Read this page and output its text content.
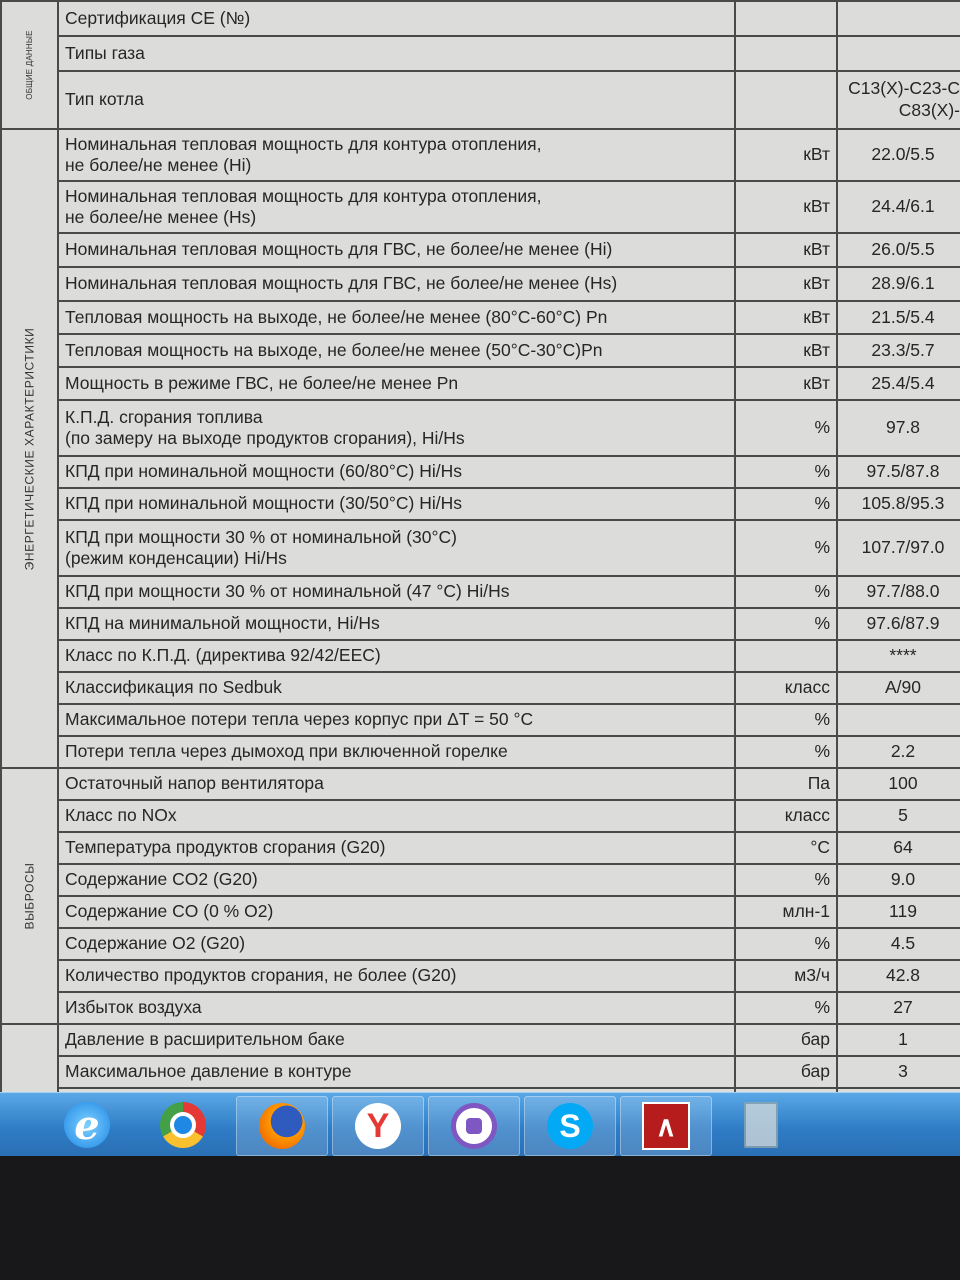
ОБЩИЕ ДАННЫЕ	Сертификация CE (№)		
	Типы газа		
	Тип котла		C13(X)-C23-C
C83(X)-

ЭНЕРГЕТИЧЕСКИЕ ХАРАКТЕРИСТИКИ	Номинальная тепловая мощность для контура отопления,
не более/не менее (Hi)	кВт	22.0/5.5

	Номинальная тепловая мощность для контура отопления,
не более/не менее (Hs)	кВт	24.4/6.1
	Номинальная тепловая мощность для ГВС, не более/не менее (Hi)	кВт	26.0/5.5
	Номинальная тепловая мощность для ГВС, не более/не менее (Hs)	кВт	28.9/6.1
	Тепловая мощность на выходе, не более/не менее (80°C-60°C) Pn	кВт	21.5/5.4
	Тепловая мощность на выходе, не более/не менее (50°C-30°C)Pn	кВт	23.3/5.7
	Мощность в режиме ГВС, не более/не менее Pn	кВт	25.4/5.4

	К.П.Д. сгорания топлива
(по замеру на выходе продуктов сгорания), Hi/Hs	%	97.8
	КПД при номинальной мощности (60/80°C) Hi/Hs	%	97.5/87.8
	КПД при номинальной мощности (30/50°C) Hi/Hs	%	105.8/95.3

	КПД при мощности 30 % от номинальной (30°C)
(режим конденсации) Hi/Hs	%	107.7/97.0
	КПД при мощности 30 % от номинальной (47 °C) Hi/Hs	%	97.7/88.0
	КПД на минимальной мощности, Hi/Hs	%	97.6/87.9
	Класс по К.П.Д. (директива 92/42/EEC)		****
	Классификация по Sedbuk	класс	A/90
	Максимальное потери тепла через корпус при ΔT = 50 °C	%	
	Потери тепла через дымоход при включенной горелке	%	2.2

ВЫБРОСЫ	Остаточный напор вентилятора	Па	100
	Класс по NOx	класс	5
	Температура продуктов сгорания (G20)	°C	64
	Содержание CO2 (G20)	%	9.0
	Содержание CO (0 % O2)	млн-1	119
	Содержание O2 (G20)	%	4.5
	Количество продуктов сгорания, не более (G20)	м3/ч	42.8
	Избыток воздуха	%	27
	Давление в расширительном баке	бар	1
	Максимальное давление в контуре	бар	3

e	Y	S	∧
